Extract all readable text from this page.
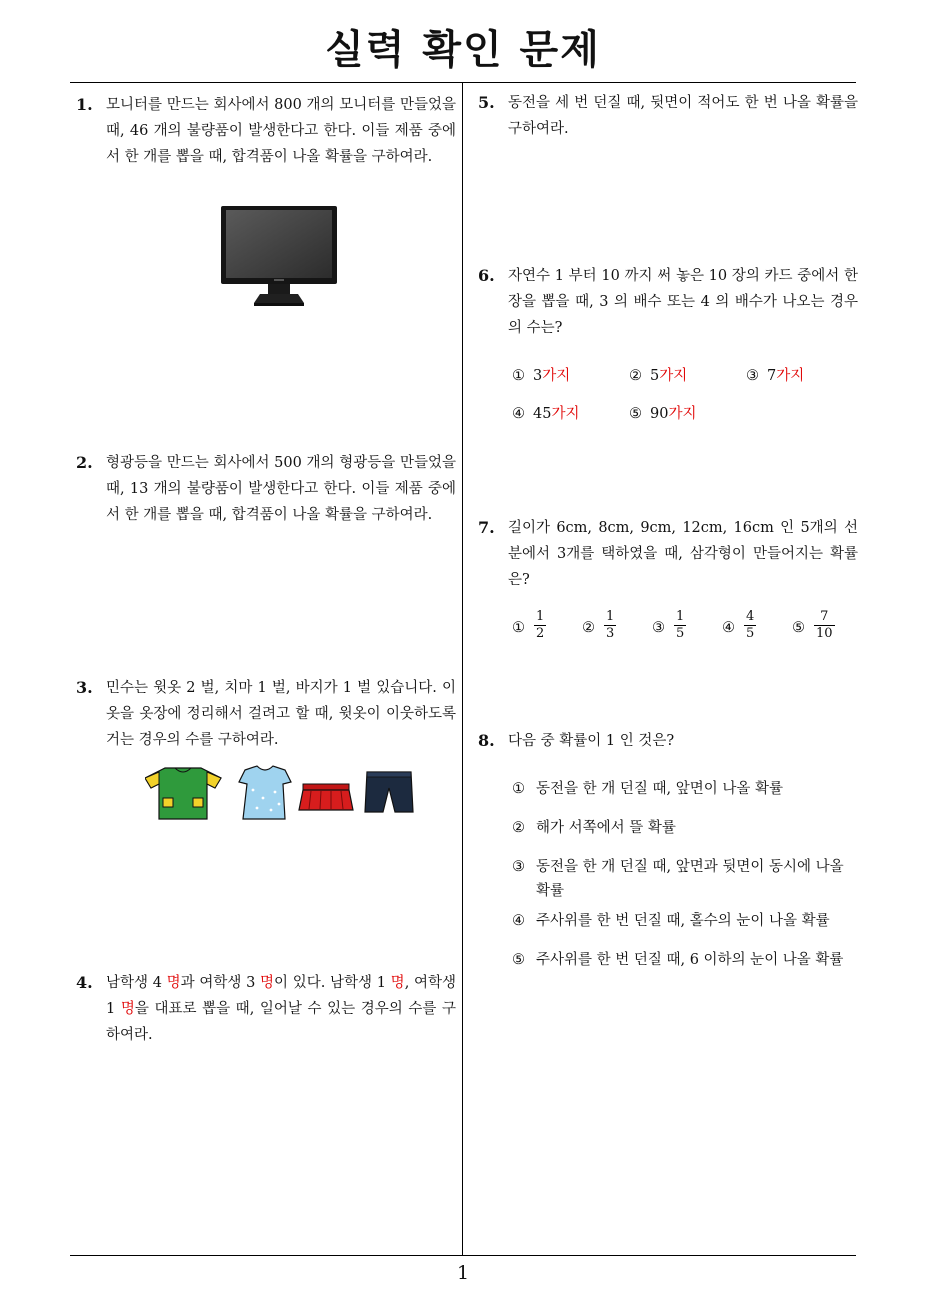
실력 확인 문제
1
1. 모니터를 만드는 회사에서 800 개의 모니터를 만들었을 때, 46 개의 불량품이 발생한다고 한다. 이들 제품 중에서 한 개를 뽑을 때, 합격품이 나올 확률을 구하여라.
2. 형광등을 만드는 회사에서 500 개의 형광등을 만들었을 때, 13 개의 불량품이 발생한다고 한다. 이들 제품 중에서 한 개를 뽑을 때, 합격품이 나올 확률을 구하여라.
3. 민수는 윗옷 2 벌, 치마 1 벌, 바지가 1 벌 있습니다. 이 옷을 옷장에 정리해서 걸려고 할 때, 윗옷이 이웃하도록 거는 경우의 수를 구하여라.
4. 남학생 4 명과 여학생 3 명이 있다. 남학생 1 명, 여학생 1 명을 대표로 뽑을 때, 일어날 수 있는 경우의 수를 구하여라.
5. 동전을 세 번 던질 때, 뒷면이 적어도 한 번 나올 확률을 구하여라.
6. 자연수 1 부터 10 까지 써 놓은 10 장의 카드 중에서 한 장을 뽑을 때, 3 의 배수 또는 4 의 배수가 나오는 경우의 수는?
① 3가지	② 5가지	③ 7가지
④ 45가지	⑤ 90가지
7. 길이가 6cm, 8cm, 9cm, 12cm, 16cm 인 5개의 선분에서 3개를 택하였을 때, 삼각형이 만들어지는 확률은?
① $\frac{1}{2}$ ② $\frac{1}{3}$ ③ $\frac{1}{5}$ ④ $\frac{4}{5}$ ⑤ $\frac{7}{10}$
8. 다음 중 확률이 1 인 것은?
① 동전을 한 개 던질 때, 앞면이 나올 확률
② 해가 서쪽에서 뜰 확률
③ 동전을 한 개 던질 때, 앞면과 뒷면이 동시에 나올 확률
④ 주사위를 한 번 던질 때, 홀수의 눈이 나올 확률
⑤ 주사위를 한 번 던질 때, 6 이하의 눈이 나올 확률
